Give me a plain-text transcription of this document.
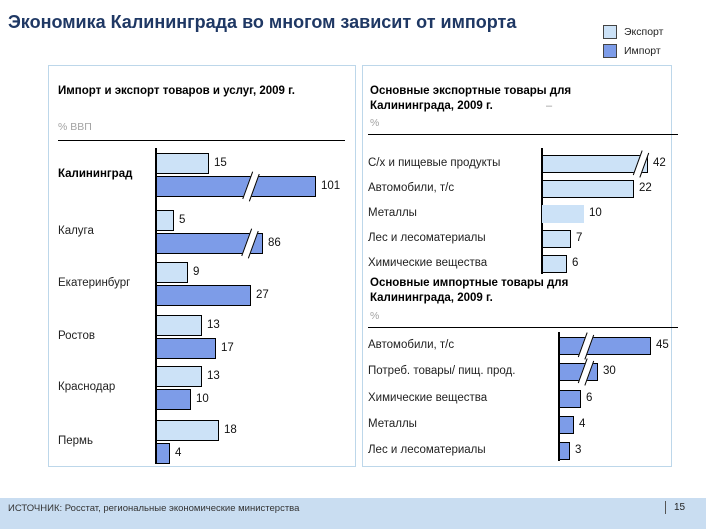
Экономика Калининграда во многом зависит от импорта	Экспорт
Импорт
Импорт и экспорт товаров и услуг, 2009 г.
% ВВП
Основные экспортные товары для Калининграда, 2009 г.	–
%
Основные импортные товары для Калининграда, 2009 г.
%
Калининград
15
101
Калуга
5
86
Екатеринбург
9
27
Ростов
13
17
Краснодар
13
10
Пермь
18
4
С/х и пищевые продукты	42
Автомобили, т/с	22
Металлы	10
Лес и лесоматериалы	7
Химические вещества	6
Автомобили, т/с	45
Потреб. товары/ пищ. прод.	30
Химические вещества	6
Металлы	4
Лес и лесоматериалы	3
ИСТОЧНИК: Росстат, региональные экономические министерства	15
